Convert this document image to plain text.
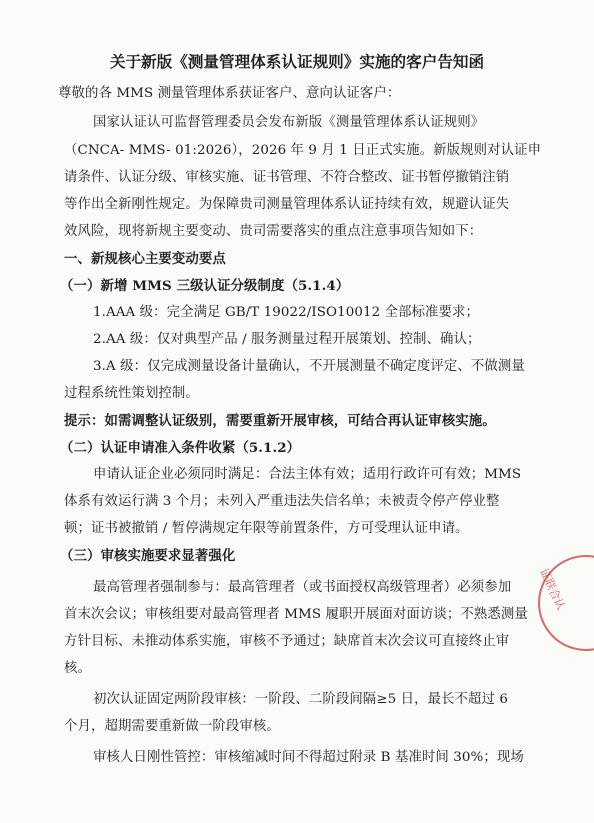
关于新版《测量管理体系认证规则》实施的客户告知函
尊敬的各 MMS 测量管理体系获证客户、意向认证客户：
国家认证认可监督管理委员会发布新版《测量管理体系认证规则》
（CNCA- MMS- 01:2026），2026 年 9 月 1 日正式实施。新版规则对认证申
请条件、认证分级、审核实施、证书管理、不符合整改、证书暂停撤销注销
等作出全新刚性规定。为保障贵司测量管理体系认证持续有效，规避认证失
效风险，现将新规主要变动、贵司需要落实的重点注意事项告知如下：
一、新规核心主要变动要点
（一）新增 MMS 三级认证分级制度（5.1.4）
1.AAA 级：完全满足 GB/T 19022/ISO10012 全部标准要求；
2.AA 级：仅对典型产品 / 服务测量过程开展策划、控制、确认；
3.A 级：仅完成测量设备计量确认，不开展测量不确定度评定、不做测量
过程系统性策划控制。
提示：如需调整认证级别，需要重新开展审核，可结合再认证审核实施。
（二）认证申请准入条件收紧（5.1.2）
申请认证企业必须同时满足：合法主体有效；适用行政许可有效；MMS
体系有效运行满 3 个月；未列入严重违法失信名单；未被责令停产停业整
顿；证书被撤销 / 暂停满规定年限等前置条件，方可受理认证申请。
（三）审核实施要求显著强化
最高管理者强制参与：最高管理者（或书面授权高级管理者）必须参加
首末次会议；审核组要对最高管理者 MMS 履职开展面对面访谈；不熟悉测量
方针目标、未推动体系实施，审核不予通过；缺席首末次会议可直接终止审
核。
初次认证固定两阶段审核：一阶段、二阶段间隔≥5 日，最长不超过 6
个月，超期需要重新做一阶段审核。
审核人日刚性管控：审核缩减时间不得超过附录 B 基准时间 30%；现场
证联合认
